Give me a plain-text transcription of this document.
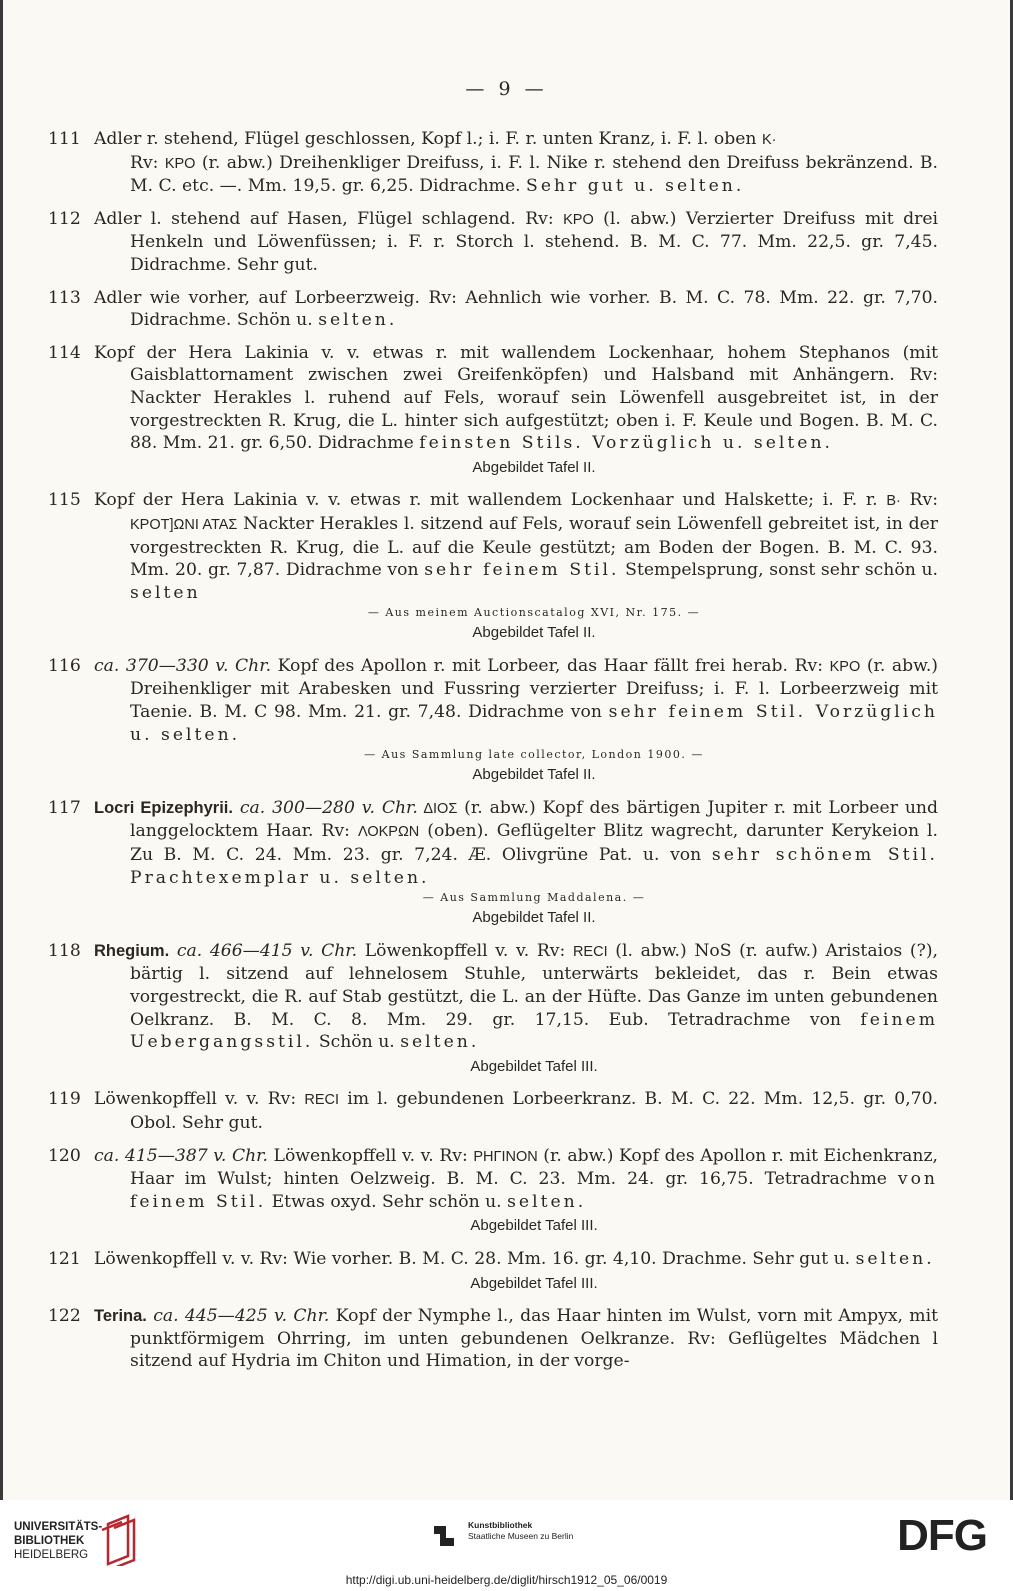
— 9 —
111 Adler r. stehend, Flügel geschlossen, Kopf l.; i. F. r. unten Kranz, i. F. l. oben K·
Rv: KPO (r. abw.) Dreihenkliger Dreifuss, i. F. l. Nike r. stehend den Dreifuss bekränzend. B. M. C. etc. —. Mm. 19,5. gr. 6,25. Didrachme. Sehr gut u. selten.
112 Adler l. stehend auf Hasen, Flügel schlagend. Rv: KPO (l. abw.) Verzierter Dreifuss mit drei Henkeln und Löwenfüssen; i. F. r. Storch l. stehend. B. M. C. 77. Mm. 22,5. gr. 7,45. Didrachme. Sehr gut.
113 Adler wie vorher, auf Lorbeerzweig. Rv: Aehnlich wie vorher. B. M. C. 78. Mm. 22. gr. 7,70. Didrachme. Schön u. selten.
114 Kopf der Hera Lakinia v. v. etwas r. mit wallendem Lockenhaar, hohem Stephanos (mit Gaisblattornament zwischen zwei Greifenköpfen) und Halsband mit Anhängern. Rv: Nackter Herakles l. ruhend auf Fels, worauf sein Löwenfell ausgebreitet ist, in der vorgestreckten R. Krug, die L. hinter sich aufgestützt; oben i. F. Keule und Bogen. B. M. C. 88. Mm. 21. gr. 6,50. Didrachme feinsten Stils. Vorzüglich u. selten.
Abgebildet Tafel II.
115 Kopf der Hera Lakinia v. v. etwas r. mit wallendem Lockenhaar und Halskette; i. F. r. B· Rv: KPOT]ΩNI ATAΣ Nackter Herakles l. sitzend auf Fels, worauf sein Löwenfell gebreitet ist, in der vorgestreckten R. Krug, die L. auf die Keule gestützt; am Boden der Bogen. B. M. C. 93. Mm. 20. gr. 7,87. Didrachme von sehr feinem Stil. Stempelsprung, sonst sehr schön u. selten
— Aus meinem Auctionscatalog XVI, Nr. 175. —
Abgebildet Tafel II.
116 ca. 370—330 v. Chr. Kopf des Apollon r. mit Lorbeer, das Haar fällt frei herab. Rv: KPO (r. abw.) Dreihenkliger mit Arabesken und Fussring verzierter Dreifuss; i. F. l. Lorbeerzweig mit Taenie. B. M. C 98. Mm. 21. gr. 7,48. Didrachme von sehr feinem Stil. Vorzüglich u. selten.
— Aus Sammlung late collector, London 1900. —
Abgebildet Tafel II.
117 Locri Epizephyrii. ca. 300—280 v. Chr. ΔΙΟΣ (r. abw.) Kopf des bärtigen Jupiter r. mit Lorbeer und langgelocktem Haar. Rv: ΛΟΚΡΩΝ (oben). Geflügelter Blitz wagrecht, darunter Kerykeion l. Zu B. M. C. 24. Mm. 23. gr. 7,24. Æ. Olivgrüne Pat. u. von sehr schönem Stil. Prachtexemplar u. selten.
— Aus Sammlung Maddalena. —
Abgebildet Tafel II.
118 Rhegium. ca. 466—415 v. Chr. Löwenkopffell v. v. Rv: RECI (l. abw.) NoS (r. aufw.) Aristaios (?), bärtig l. sitzend auf lehnelosem Stuhle, unterwärts bekleidet, das r. Bein etwas vorgestreckt, die R. auf Stab gestützt, die L. an der Hüfte. Das Ganze im unten gebundenen Oelkranz. B. M. C. 8. Mm. 29. gr. 17,15. Eub. Tetradrachme von feinem Uebergangsstil. Schön u. selten.
Abgebildet Tafel III.
119 Löwenkopffell v. v. Rv: RECI im l. gebundenen Lorbeerkranz. B. M. C. 22. Mm. 12,5. gr. 0,70. Obol. Sehr gut.
120 ca. 415—387 v. Chr. Löwenkopffell v. v. Rv: PHΓINON (r. abw.) Kopf des Apollon r. mit Eichenkranz, Haar im Wulst; hinten Oelzweig. B. M. C. 23. Mm. 24. gr. 16,75. Tetradrachme von feinem Stil. Etwas oxyd. Sehr schön u. selten.
Abgebildet Tafel III.
121 Löwenkopffell v. v. Rv: Wie vorher. B. M. C. 28. Mm. 16. gr. 4,10. Drachme. Sehr gut u. selten.
Abgebildet Tafel III.
122 Terina. ca. 445—425 v. Chr. Kopf der Nymphe l., das Haar hinten im Wulst, vorn mit Ampyx, mit punktförmigem Ohrring, im unten gebundenen Oelkranze. Rv: Geflügeltes Mädchen l sitzend auf Hydria im Chiton und Himation, in der vorge-
UNIVERSITÄTS-
BIBLIOTHEK
HEIDELBERG
Kunstbibliothek
Staatliche Museen zu Berlin	DFG
http://digi.ub.uni-heidelberg.de/diglit/hirsch1912_05_06/0019
